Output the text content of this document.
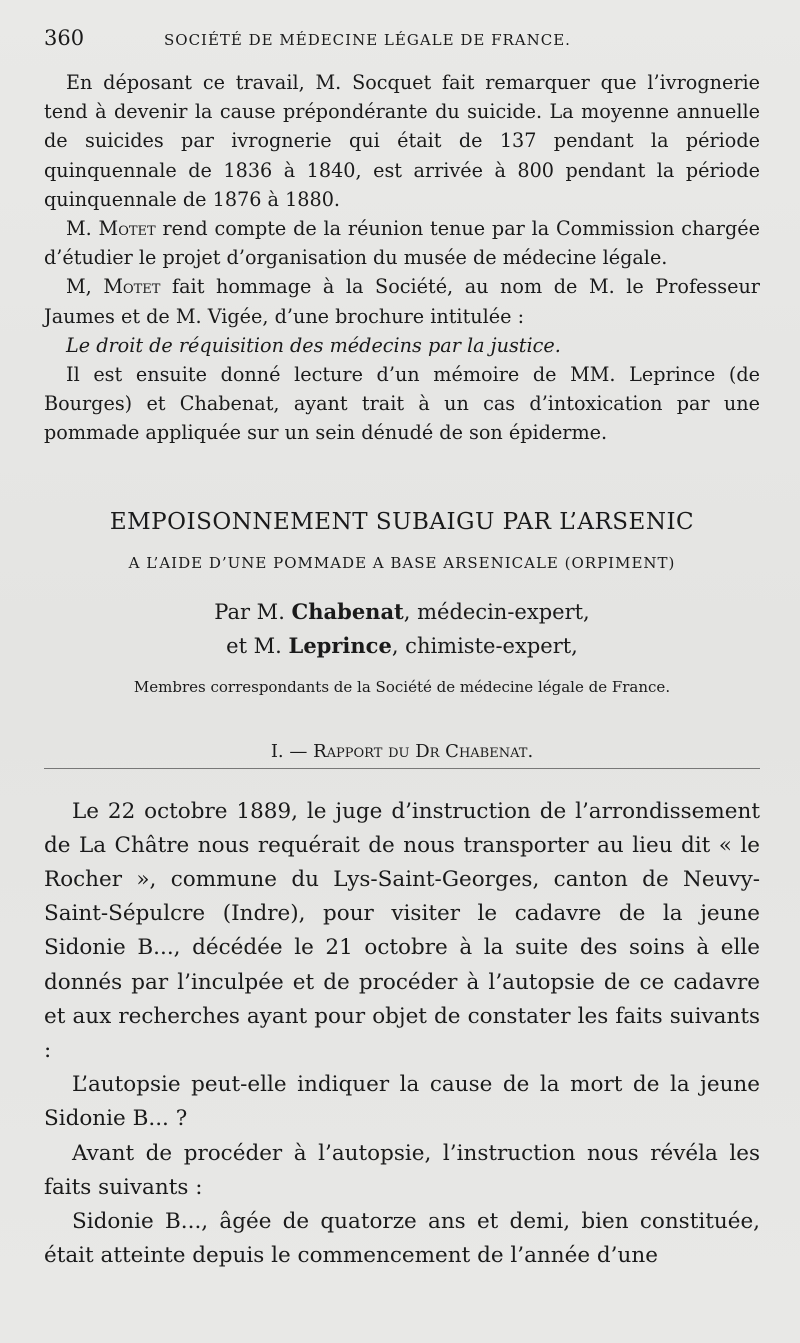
360	SOCIÉTÉ DE MÉDECINE LÉGALE DE FRANCE.

En déposant ce travail, M. Socquet fait remarquer que l’ivrognerie tend à devenir la cause prépondérante du suicide. La moyenne annuelle de suicides par ivrognerie qui était de 137 pendant la période quinquennale de 1836 à 1840, est arrivée à 800 pendant la période quinquennale de 1876 à 1880.

M. Motet rend compte de la réunion tenue par la Commission chargée d’étudier le projet d’organisation du musée de médecine légale.

M, Motet fait hommage à la Société, au nom de M. le Professeur Jaumes et de M. Vigée, d’une brochure intitulée :

Le droit de réquisition des médecins par la justice.

Il est ensuite donné lecture d’un mémoire de MM. Leprince (de Bourges) et Chabenat, ayant trait à un cas d’intoxication par une pommade appliquée sur un sein dénudé de son épiderme.

EMPOISONNEMENT SUBAIGU PAR L’ARSENIC
A L’AIDE D’UNE POMMADE A BASE ARSENICALE (ORPIMENT)
Par M. Chabenat, médecin-expert,
et M. Leprince, chimiste-expert,
Membres correspondants de la Société de médecine légale de France.
I. — Rapport du Dr Chabenat.

Le 22 octobre 1889, le juge d’instruction de l’arrondissement de La Châtre nous requérait de nous transporter au lieu dit « le Rocher », commune du Lys-Saint-Georges, canton de Neuvy-Saint-Sépulcre (Indre), pour visiter le cadavre de la jeune Sidonie B..., décédée le 21 octobre à la suite des soins à elle donnés par l’inculpée et de procéder à l’autopsie de ce cadavre et aux recherches ayant pour objet de constater les faits suivants :

L’autopsie peut-elle indiquer la cause de la mort de la jeune Sidonie B... ?

Avant de procéder à l’autopsie, l’instruction nous révéla les faits suivants :

Sidonie B..., âgée de quatorze ans et demi, bien constituée, était atteinte depuis le commencement de l’année d’une
